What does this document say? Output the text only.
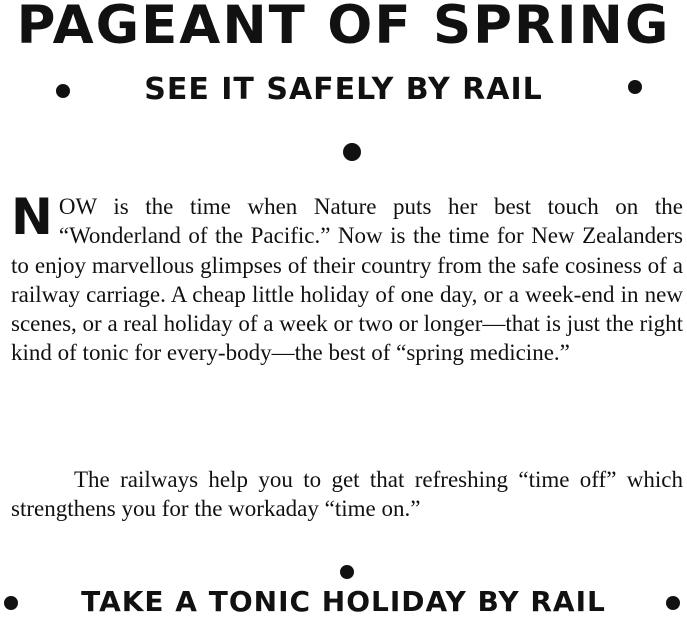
PAGEANT OF SPRING
SEE IT SAFELY BY RAIL

NOW is the time when Nature puts her best touch on the “Wonderland of the Pacific.” Now is the time for New Zealanders to enjoy marvellous glimpses of their country from the safe cosiness of a railway carriage. A cheap little holiday of one day, or a week-end in new scenes, or a real holiday of a week or two or longer—that is just the right kind of tonic for every-body—the best of “spring medicine.”

The railways help you to get that refreshing “time off” which strengthens you for the workaday “time on.”

TAKE A TONIC HOLIDAY BY RAIL
